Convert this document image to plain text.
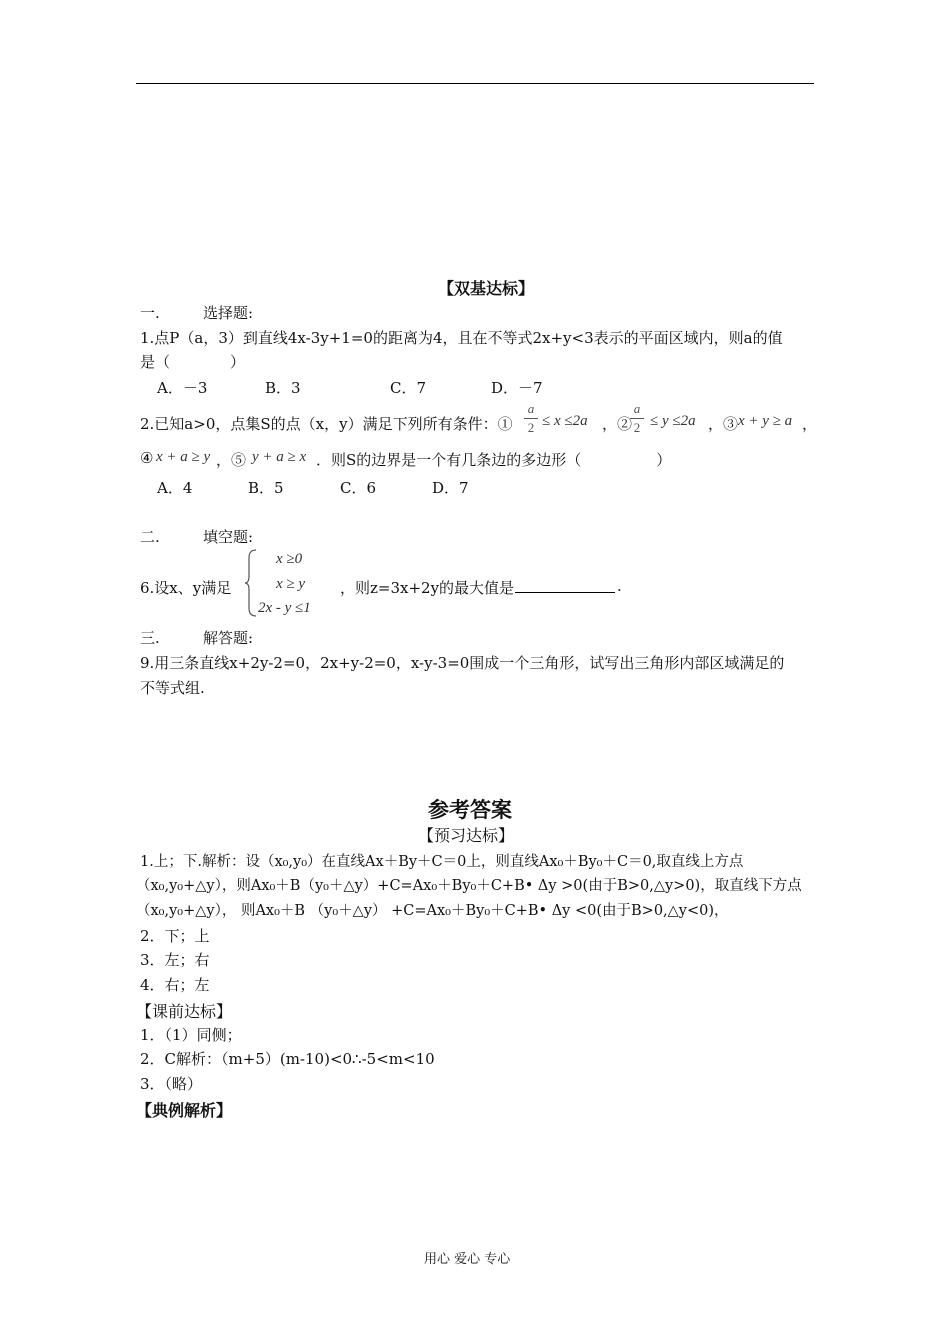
【双基达标】
一.	选择题:
1.点P（a，3）到直线4x-3y+1=0的距离为4，且在不等式2x+y<3表示的平面区域内，则a的值
是（　　　　）
A．－3	B．3	C．7	D．－7
2.已知a>0，点集S的点（x，y）满足下列所有条件：①
a
2 ≤ x ≤2a ，②
a
2 ≤ y ≤2a ，③ x + y ≥ a ，
④ x + a ≥ y ，⑤ y + a ≥ x ．则S的边界是一个有几条边的多边形（　　　　　）
A．4	B．5	C．6	D．7
二.	填空题:
6.设x、y满足
x ≥0
x ≥ y
2x - y ≤1
，则z=3x+2y的最大值是	.
三.	解答题:
9.用三条直线x+2y-2=0，2x+y-2=0，x-y-3=0围成一个三角形，试写出三角形内部区域满足的
不等式组.
参考答案
【预习达标】
1.上；下.解析：设（x₀,y₀）在直线Ax＋By＋C＝0上，则直线Ax₀＋By₀＋C＝0,取直线上方点
（x₀,y₀+△y），则Ax₀＋B（y₀＋△y）+C=Ax₀＋By₀＋C+B• Δy >0(由于B>0,△y>0)，取直线下方点
（x₀,y₀+△y）， 则Ax₀＋B （y₀＋△y） +C=Ax₀＋By₀＋C+B• Δy <0(由于B>0,△y<0)，
2．下；上
3．左；右
4．右；左
【课前达标】
1．（1）同侧；
2．C解析：（m+5）(m-10)<0∴-5<m<10
3．（略）
【典例解析】
用心 爱心 专心
